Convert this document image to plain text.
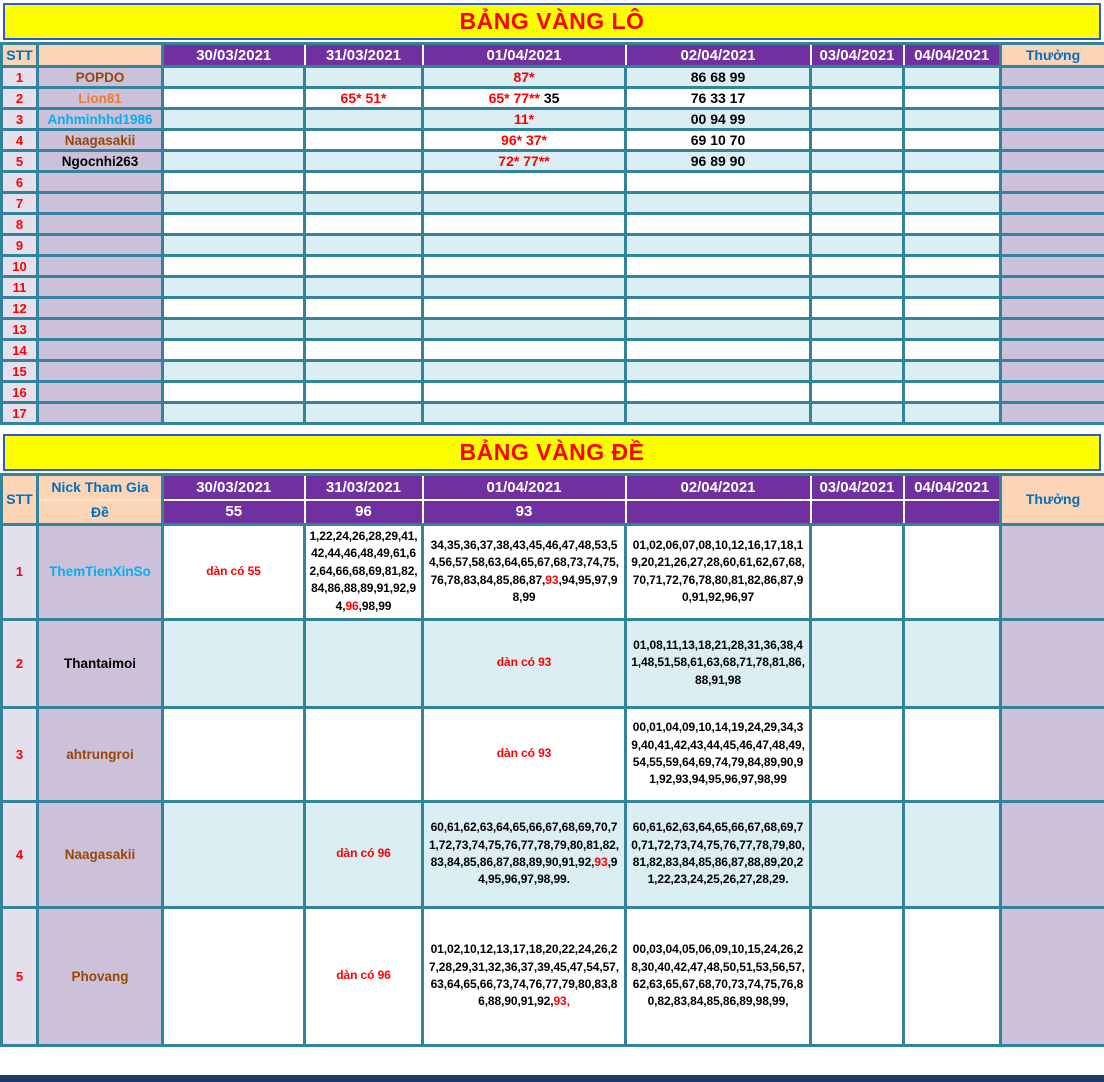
BẢNG VÀNG LÔ
STT		30/03/2021	31/03/2021	01/04/2021	02/04/2021	03/04/2021	04/04/2021	Thưởng
1	POPDO			87*	86 68 99			
2	Lion81		65* 51*	65* 77** 35	76 33 17			
3	Anhminhhd1986			11*	00 94 99			
4	Naagasakii			96* 37*	69 10 70			
5	Ngocnhi263			72* 77**	96 89 90			
6								
7								
8								
9								
10								
11								
12								
13								
14								
15								
16								
17								
BẢNG VÀNG ĐỀ
STT	Nick Tham Gia	30/03/2021	31/03/2021	01/04/2021	02/04/2021	03/04/2021	04/04/2021	Thưởng
	Đề	55	96	93				
1	ThemTienXinSo	dàn có 55	1,22,24,26,28,29,41,42,44,46,48,49,61,62,64,66,68,69,81,82,84,86,88,89,91,92,94,96,98,99	34,35,36,37,38,43,45,46,47,48,53,54,56,57,58,63,64,65,67,68,73,74,75,76,78,83,84,85,86,87,93,94,95,97,98,99	01,02,06,07,08,10,12,16,17,18,19,20,21,26,27,28,60,61,62,67,68,70,71,72,76,78,80,81,82,86,87,90,91,92,96,97			
2	Thantaimoi			dàn có 93	01,08,11,13,18,21,28,31,36,38,41,48,51,58,61,63,68,71,78,81,86,88,91,98			
3	ahtrungroi			dàn có 93	00,01,04,09,10,14,19,24,29,34,39,40,41,42,43,44,45,46,47,48,49,54,55,59,64,69,74,79,84,89,90,91,92,93,94,95,96,97,98,99			
4	Naagasakii		dàn có 96	60,61,62,63,64,65,66,67,68,69,70,71,72,73,74,75,76,77,78,79,80,81,82,83,84,85,86,87,88,89,90,91,92,93,94,95,96,97,98,99.	60,61,62,63,64,65,66,67,68,69,70,71,72,73,74,75,76,77,78,79,80,81,82,83,84,85,86,87,88,89,20,21,22,23,24,25,26,27,28,29.			
5	Phovang		dàn có 96	01,02,10,12,13,17,18,20,22,24,26,27,28,29,31,32,36,37,39,45,47,54,57,63,64,65,66,73,74,76,77,79,80,83,86,88,90,91,92,93,	00,03,04,05,06,09,10,15,24,26,28,30,40,42,47,48,50,51,53,56,57,62,63,65,67,68,70,73,74,75,76,80,82,83,84,85,86,89,98,99,			
